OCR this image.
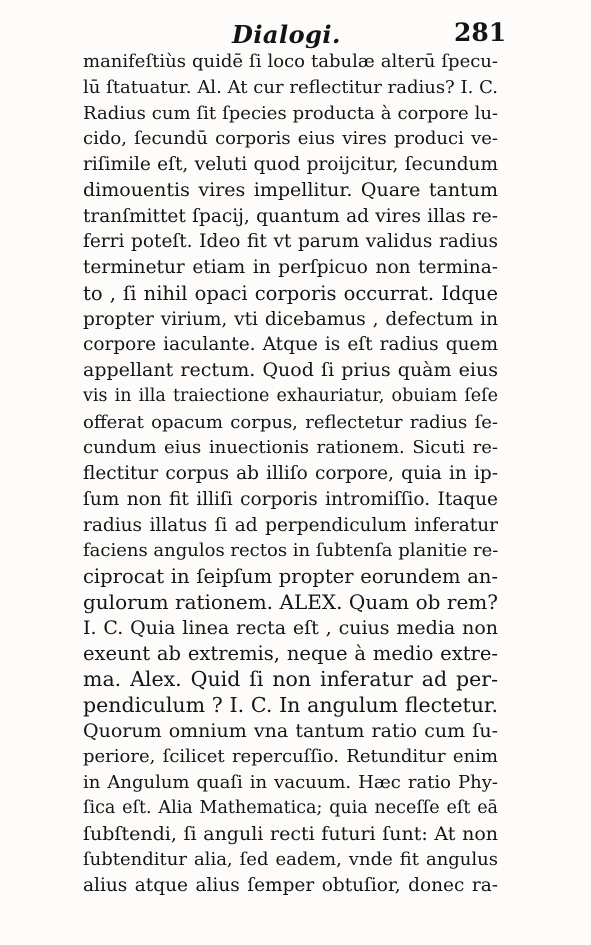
Dialogi.	281
manifeſtiùs quidē ſi loco tabulæ alterū ſpecu-
lū ſtatuatur. Al. At cur reflectitur radius? I. C.
Radius cum ſit ſpecies producta à corpore lu-
cido, ſecundū corporis eius vires produci ve-
riſimile eſt, veluti quod proijcitur, ſecundum
dimouentis vires impellitur. Quare tantum
tranſmittet ſpacij, quantum ad vires illas re-
ferri poteſt. Ideo fit vt parum validus radius
terminetur etiam in perſpicuo non termina-
to , ſi nihil opaci corporis occurrat. Idque
propter virium, vti dicebamus , defectum in
corpore iaculante. Atque is eſt radius quem
appellant rectum. Quod ſi prius quàm eius
vis in illa traiectione exhauriatur, obuiam ſeſe
offerat opacum corpus, reflectetur radius ſe-
cundum eius inuectionis rationem. Sicuti re-
flectitur corpus ab illiſo corpore, quia in ip-
ſum non fit illiſi corporis intromiſſio. Itaque
radius illatus ſi ad perpendiculum inferatur
faciens angulos rectos in ſubtenſa planitie re-
ciprocat in ſeipſum propter eorundem an-
gulorum rationem. ALEX. Quam ob rem?
I. C. Quia linea recta eſt , cuius media non
exeunt ab extremis, neque à medio extre-
ma. Alex. Quid ſi non inferatur ad per-
pendiculum ? I. C. In angulum flectetur.
Quorum omnium vna tantum ratio cum ſu-
periore, ſcilicet repercuſſio. Retunditur enim
in Angulum quaſi in vacuum. Hæc ratio Phy-
ſica eſt. Alia Mathematica; quia neceſſe eſt eā
ſubſtendi, ſi anguli recti futuri ſunt: At non
ſubtenditur alia, ſed eadem, vnde fit angulus
alius atque alius ſemper obtuſior, donec ra-
